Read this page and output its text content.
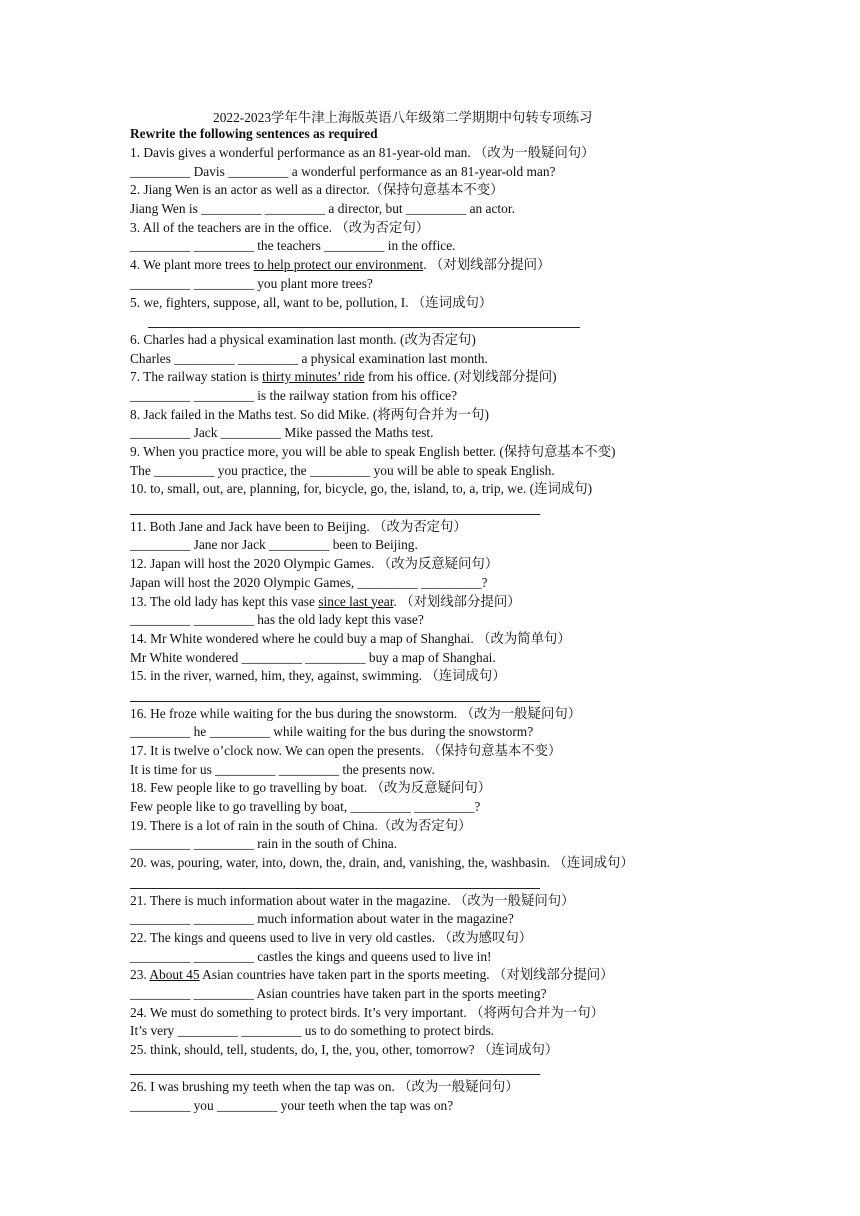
2022-2023学年牛津上海版英语八年级第二学期期中句转专项练习
Rewrite the following sentences as required
1. Davis gives a wonderful performance as an 81-year-old man. （改为一般疑问句）
_________ Davis _________ a wonderful performance as an 81-year-old man?
2. Jiang Wen is an actor as well as a director.（保持句意基本不变）
Jiang Wen is _________ _________ a director, but _________ an actor.
3. All of the teachers are in the office. （改为否定句）
_________ _________ the teachers _________ in the office.
4. We plant more trees to help protect our environment. （对划线部分提问）
_________ _________ you plant more trees?
5. we, fighters, suppose, all, want to be, pollution, I. （连词成句）
6. Charles had a physical examination last month. (改为否定句)
Charles _________ _________ a physical examination last month.
7. The railway station is thirty minutes’ ride from his office. (对划线部分提问)
_________ _________ is the railway station from his office?
8. Jack failed in the Maths test. So did Mike. (将两句合并为一句)
_________ Jack _________ Mike passed the Maths test.
9. When you practice more, you will be able to speak English better. (保持句意基本不变)
The _________ you practice, the _________ you will be able to speak English.
10. to, small, out, are, planning, for, bicycle, go, the, island, to, a, trip, we. (连词成句)
11. Both Jane and Jack have been to Beijing. （改为否定句）
_________ Jane nor Jack _________ been to Beijing.
12. Japan will host the 2020 Olympic Games. （改为反意疑问句）
Japan will host the 2020 Olympic Games, _________ _________?
13. The old lady has kept this vase since last year. （对划线部分提问）
_________ _________ has the old lady kept this vase?
14. Mr White wondered where he could buy a map of Shanghai. （改为简单句）
Mr White wondered _________ _________ buy a map of Shanghai.
15. in the river, warned, him, they, against, swimming. （连词成句）
16. He froze while waiting for the bus during the snowstorm. （改为一般疑问句）
_________ he _________ while waiting for the bus during the snowstorm?
17. It is twelve o’clock now. We can open the presents. （保持句意基本不变）
It is time for us _________ _________ the presents now.
18. Few people like to go travelling by boat. （改为反意疑问句）
Few people like to go travelling by boat, _________ _________?
19. There is a lot of rain in the south of China.（改为否定句）
_________ _________ rain in the south of China.
20. was, pouring, water, into, down, the, drain, and, vanishing, the, washbasin. （连词成句）
21. There is much information about water in the magazine. （改为一般疑问句）
_________ _________ much information about water in the magazine?
22. The kings and queens used to live in very old castles. （改为感叹句）
_________ _________ castles the kings and queens used to live in!
23. About 45 Asian countries have taken part in the sports meeting. （对划线部分提问）
_________ _________ Asian countries have taken part in the sports meeting?
24. We must do something to protect birds. It’s very important. （将两句合并为一句）
It’s very _________ _________ us to do something to protect birds.
25. think, should, tell, students, do, I, the, you, other, tomorrow? （连词成句）
26. I was brushing my teeth when the tap was on. （改为一般疑问句）
_________ you _________ your teeth when the tap was on?
